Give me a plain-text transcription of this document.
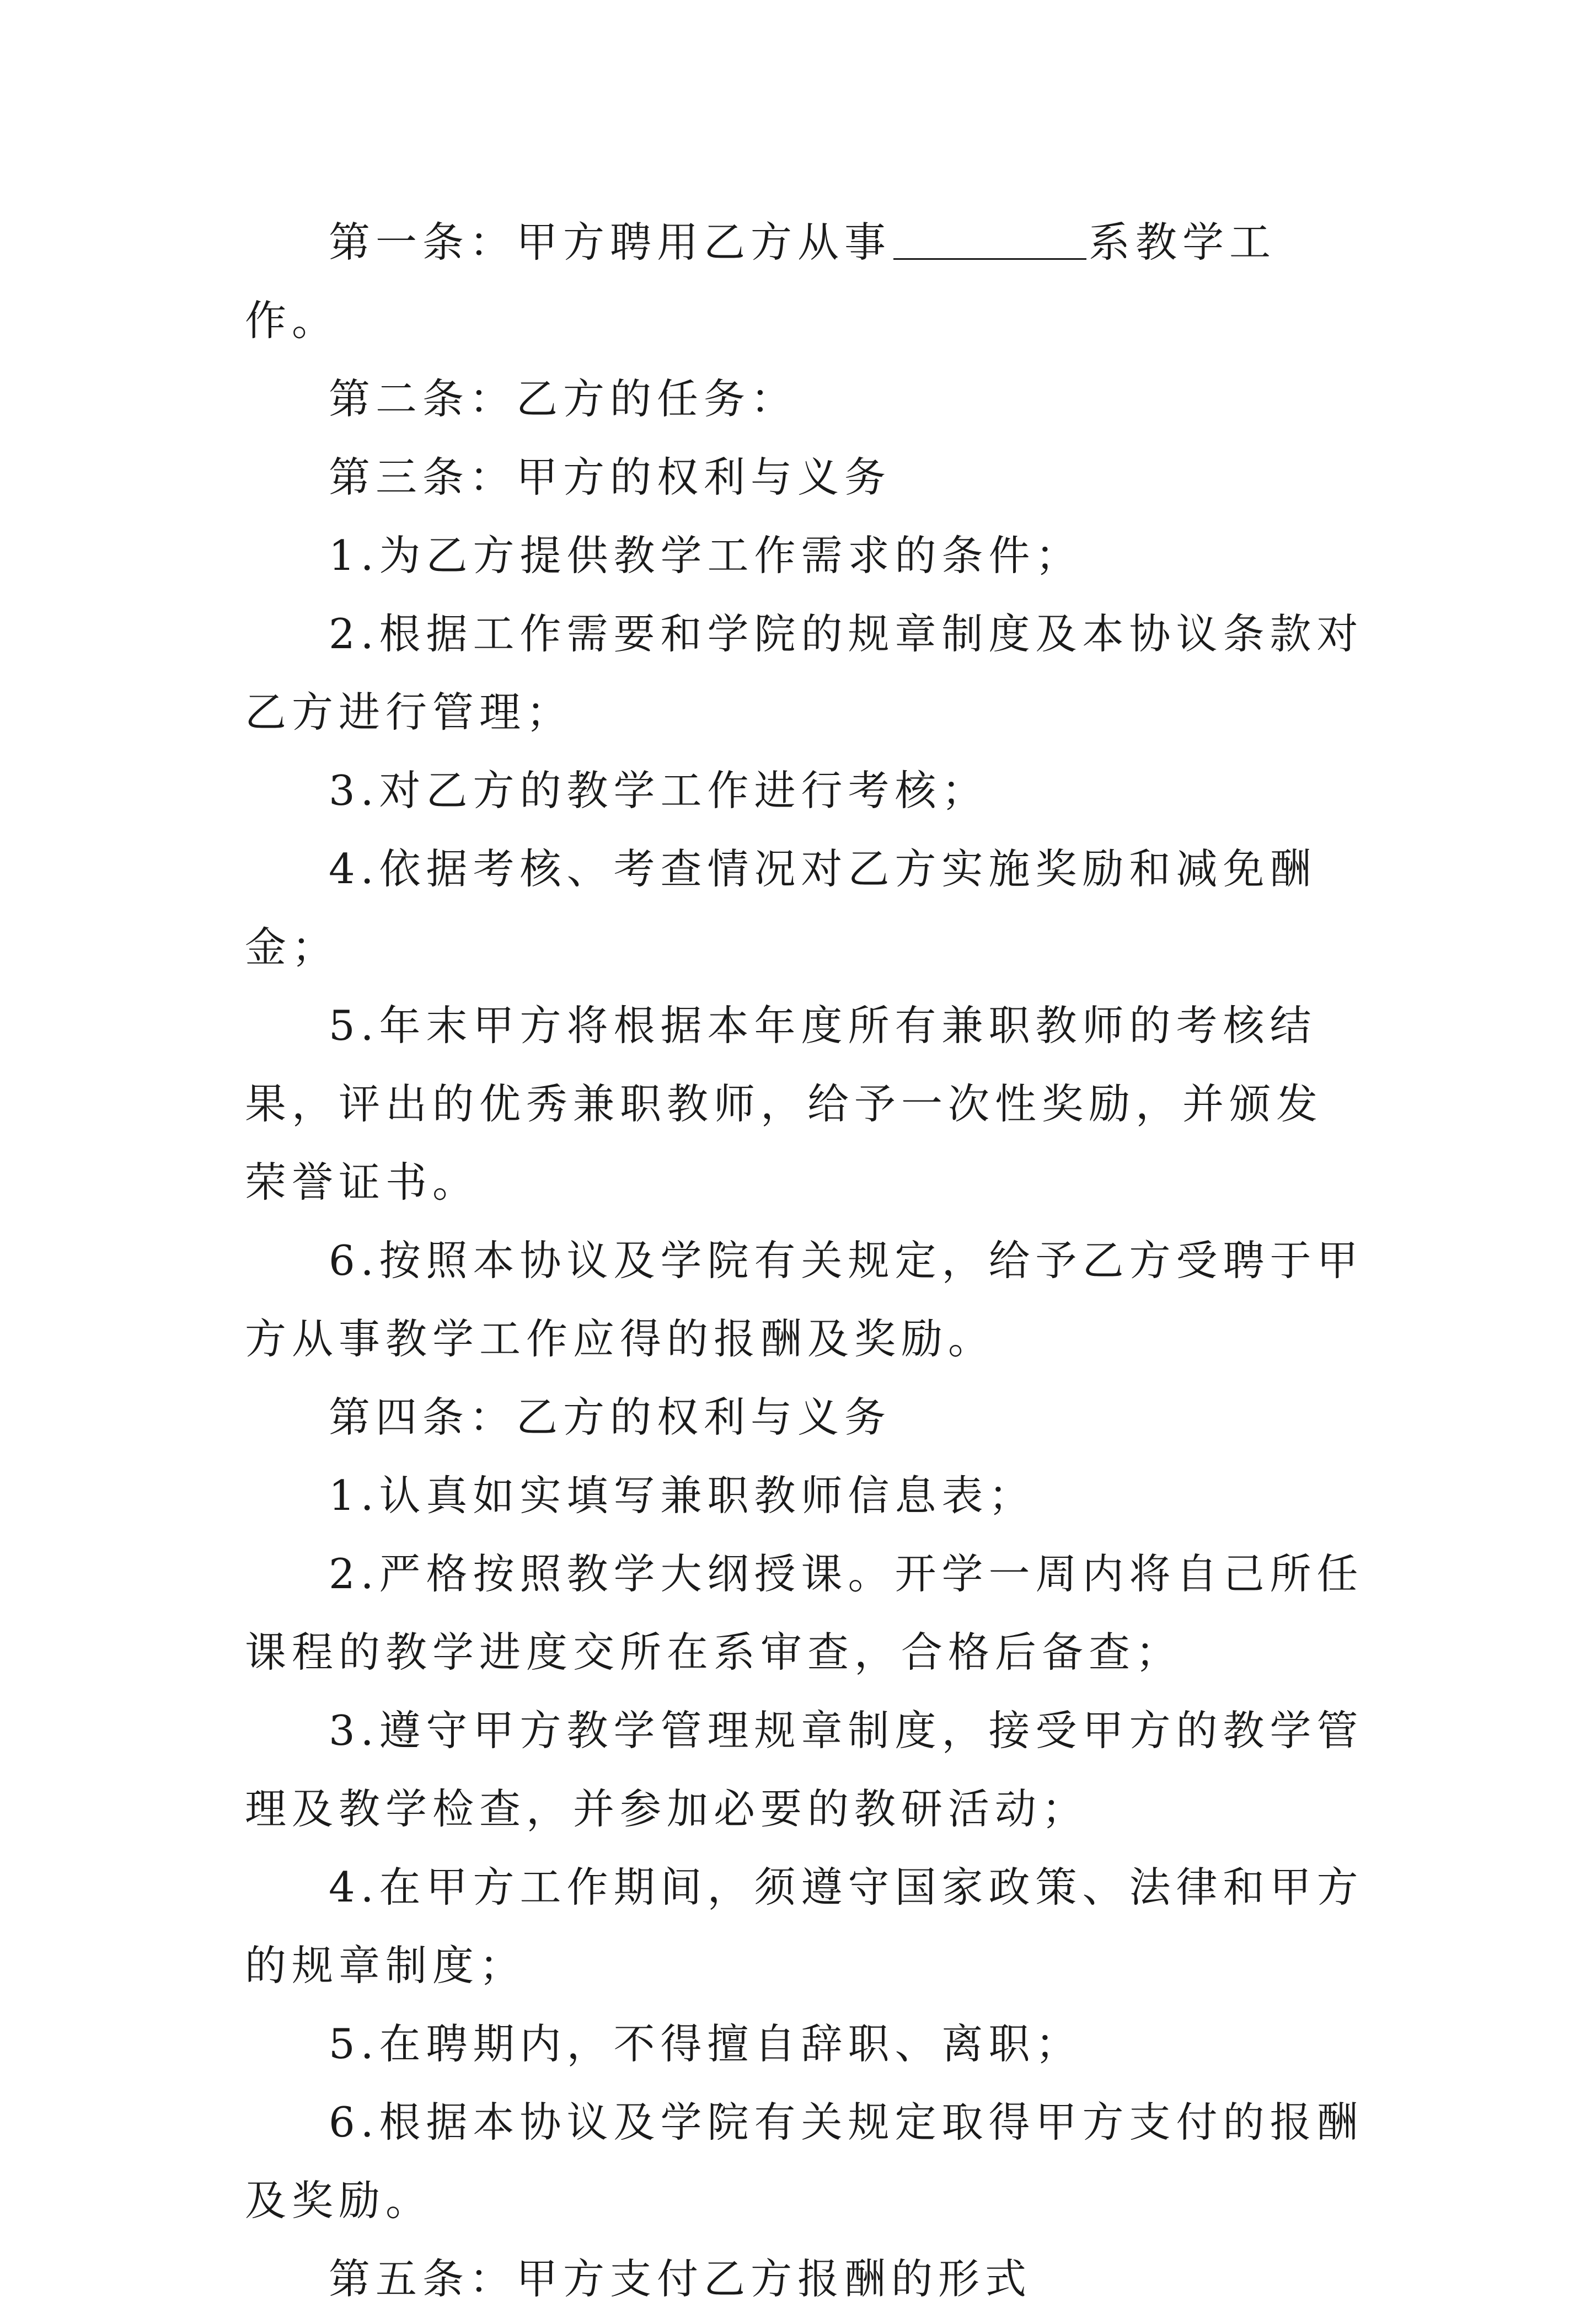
第一条：甲方聘用乙方从事	系教学工作。

第二条：乙方的任务：

第三条：甲方的权利与义务

1.为乙方提供教学工作需求的条件；

2.根据工作需要和学院的规章制度及本协议条款对乙方进行管理；

3.对乙方的教学工作进行考核；

4.依据考核、考查情况对乙方实施奖励和减免酬金；

5.年末甲方将根据本年度所有兼职教师的考核结果，评出的优秀兼职教师，给予一次性奖励，并颁发荣誉证书。

6.按照本协议及学院有关规定，给予乙方受聘于甲方从事教学工作应得的报酬及奖励。

第四条：乙方的权利与义务

1.认真如实填写兼职教师信息表；

2.严格按照教学大纲授课。开学一周内将自己所任课程的教学进度交所在系审查，合格后备查；

3.遵守甲方教学管理规章制度，接受甲方的教学管理及教学检查，并参加必要的教研活动；

4.在甲方工作期间，须遵守国家政策、法律和甲方的规章制度；

5.在聘期内，不得擅自辞职、离职；

6.根据本协议及学院有关规定取得甲方支付的报酬及奖励。

第五条：甲方支付乙方报酬的形式
